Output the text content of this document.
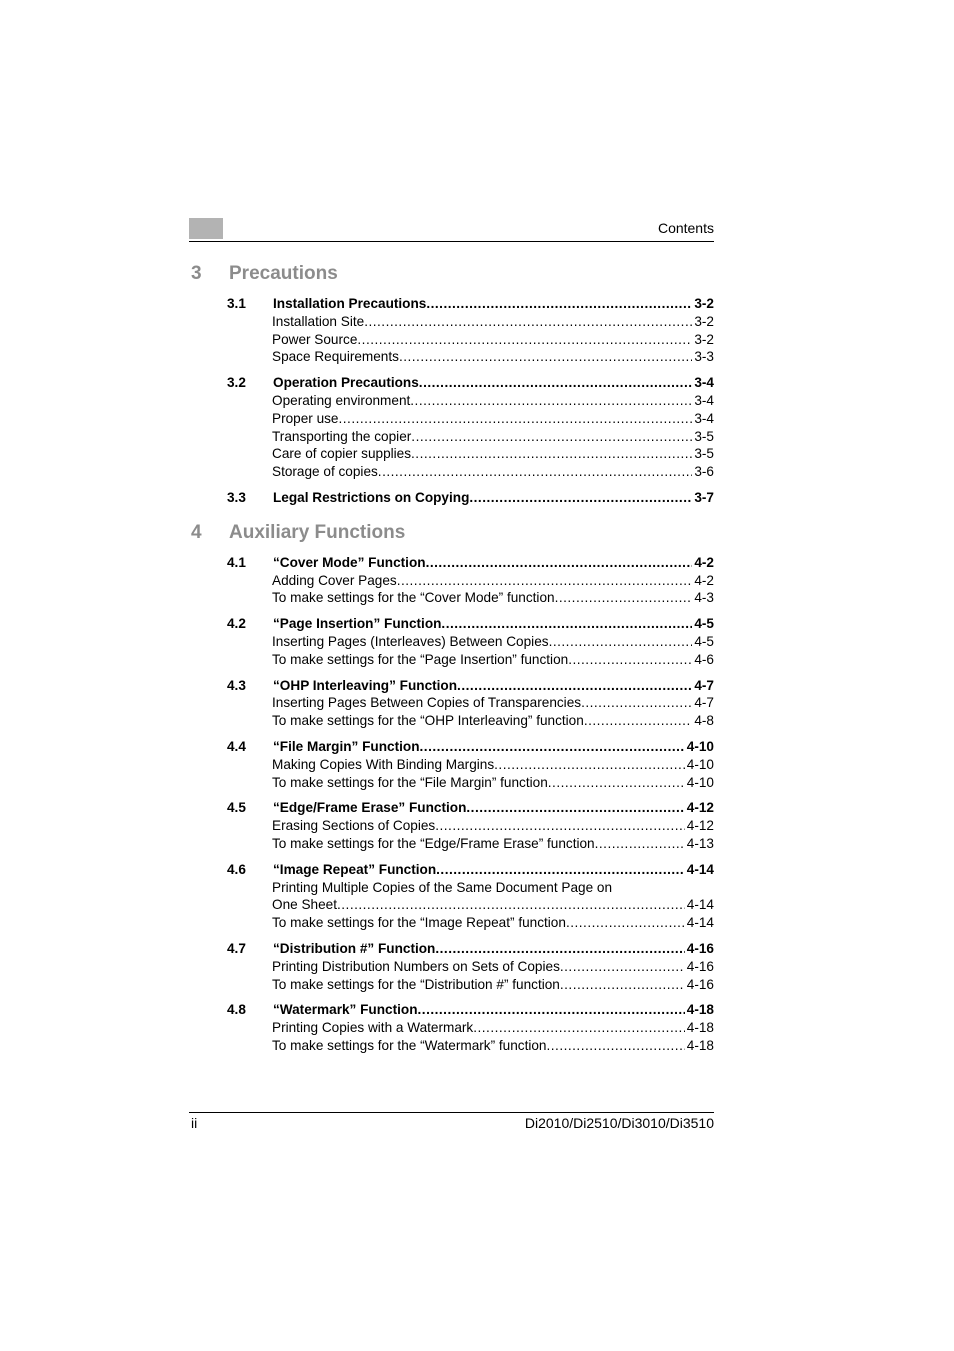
Contents
3	Precautions
3.1	Installation Precautions .....	3-2
Installation Site .....	3-2
Power Source .....	3-2
Space Requirements .....	3-3
3.2	Operation Precautions .....	3-4
Operating environment .....	3-4
Proper use .....	3-4
Transporting the copier .....	3-5
Care of copier supplies .....	3-5
Storage of copies .....	3-6
3.3	Legal Restrictions on Copying .....	3-7
4	Auxiliary Functions
4.1	“Cover Mode” Function .....	4-2
Adding Cover Pages .....	4-2
To make settings for the “Cover Mode” function .....	4-3
4.2	“Page Insertion” Function .....	4-5
Inserting Pages (Interleaves) Between Copies .....	4-5
To make settings for the “Page Insertion” function .....	4-6
4.3	“OHP Interleaving” Function .....	4-7
Inserting Pages Between Copies of Transparencies .....	4-7
To make settings for the “OHP Interleaving” function .....	4-8
4.4	“File Margin” Function .....	4-10
Making Copies With Binding Margins .....	4-10
To make settings for the “File Margin” function .....	4-10
4.5	“Edge/Frame Erase” Function .....	4-12
Erasing Sections of Copies .....	4-12
To make settings for the “Edge/Frame Erase” function .....	4-13
4.6	“Image Repeat” Function .....	4-14
Printing Multiple Copies of the Same Document Page on
One Sheet .....	4-14
To make settings for the “Image Repeat” function .....	4-14
4.7	“Distribution #” Function .....	4-16
Printing Distribution Numbers on Sets of Copies .....	4-16
To make settings for the “Distribution #” function .....	4-16
4.8	“Watermark” Function .....	4-18
Printing Copies with a Watermark .....	4-18
To make settings for the “Watermark” function .....	4-18
ii	Di2010/Di2510/Di3010/Di3510
